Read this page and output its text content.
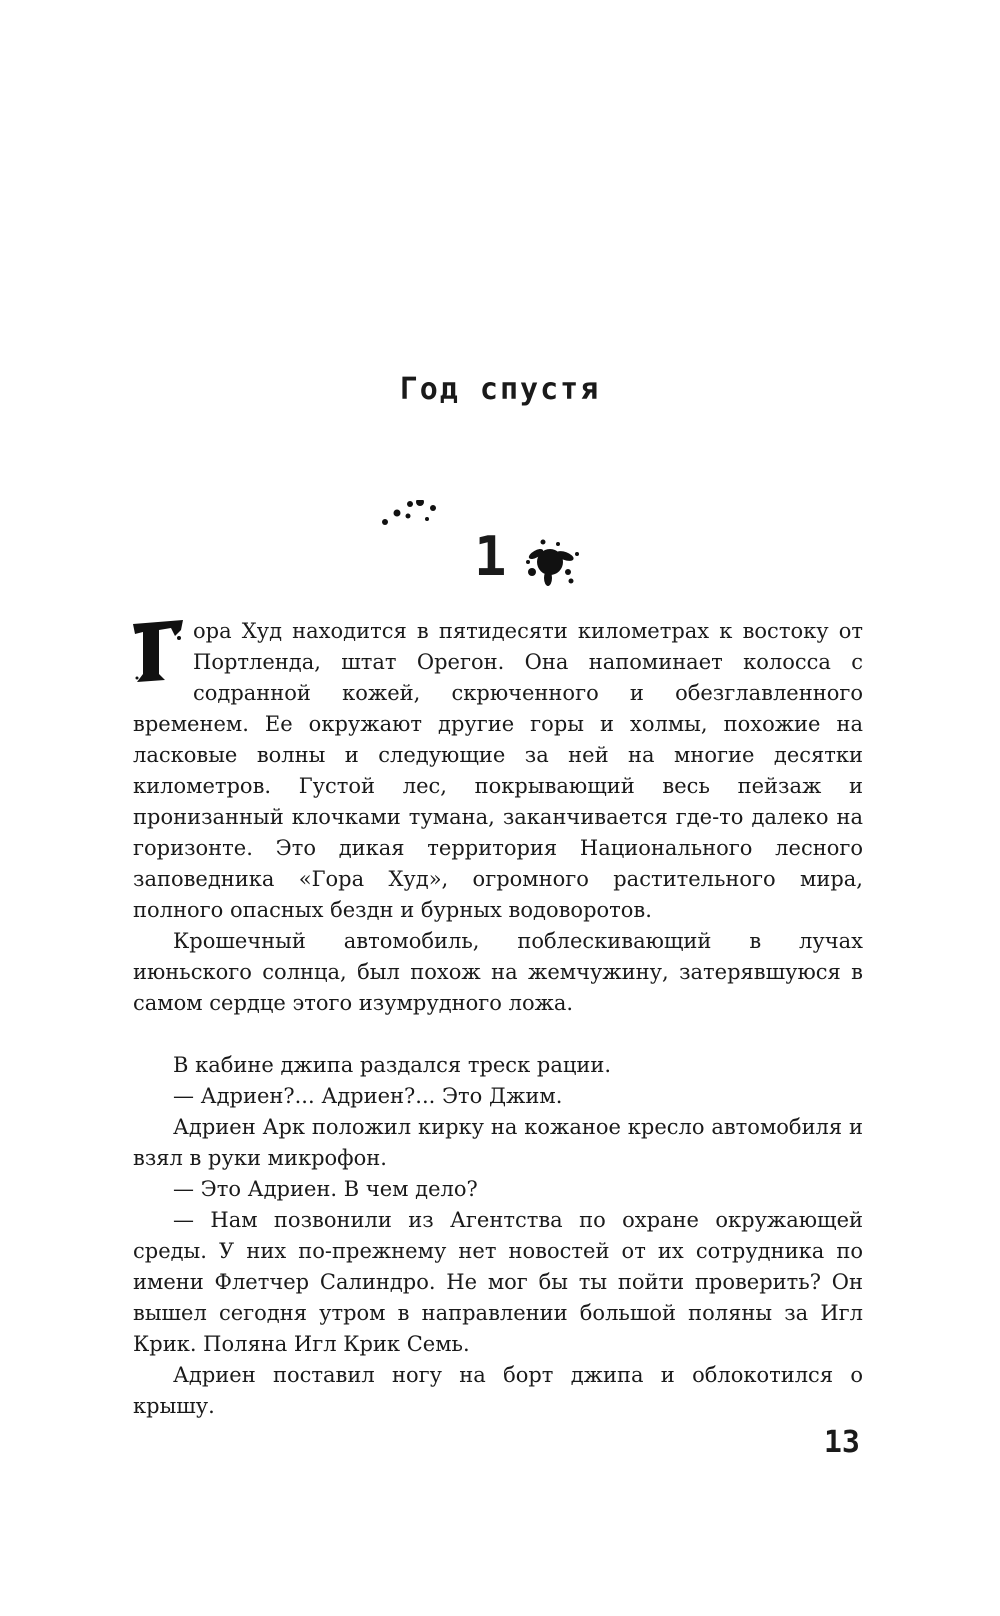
Год спустя
1

ора Худ находится в пятидесяти километрах к востоку от Портленда, штат Орегон. Она напоминает колосса с содранной кожей, скрюченного и обезглавленного временем. Ее окружают другие горы и холмы, похожие на ласковые волны и следующие за ней на многие десятки километров. Густой лес, покрывающий весь пейзаж и пронизанный клочками тумана, заканчивается где-то далеко на горизонте. Это дикая территория Национального лесного заповедника «Гора Худ», огромного растительного мира, полного опасных бездн и бурных водоворотов.

Крошечный автомобиль, поблескивающий в лучах июньского солнца, был похож на жемчужину, затерявшуюся в самом сердце этого изумрудного ложа.

В кабине джипа раздался треск рации.

— Адриен?... Адриен?... Это Джим.

Адриен Арк положил кирку на кожаное кресло автомобиля и взял в руки микрофон.

— Это Адриен. В чем дело?

— Нам позвонили из Агентства по охране окружающей среды. У них по-прежнему нет новостей от их сотрудника по имени Флетчер Салиндро. Не мог бы ты пойти проверить? Он вышел сегодня утром в направлении большой поляны за Игл Крик. Поляна Игл Крик Семь.

Адриен поставил ногу на борт джипа и облокотился о крышу.

13
